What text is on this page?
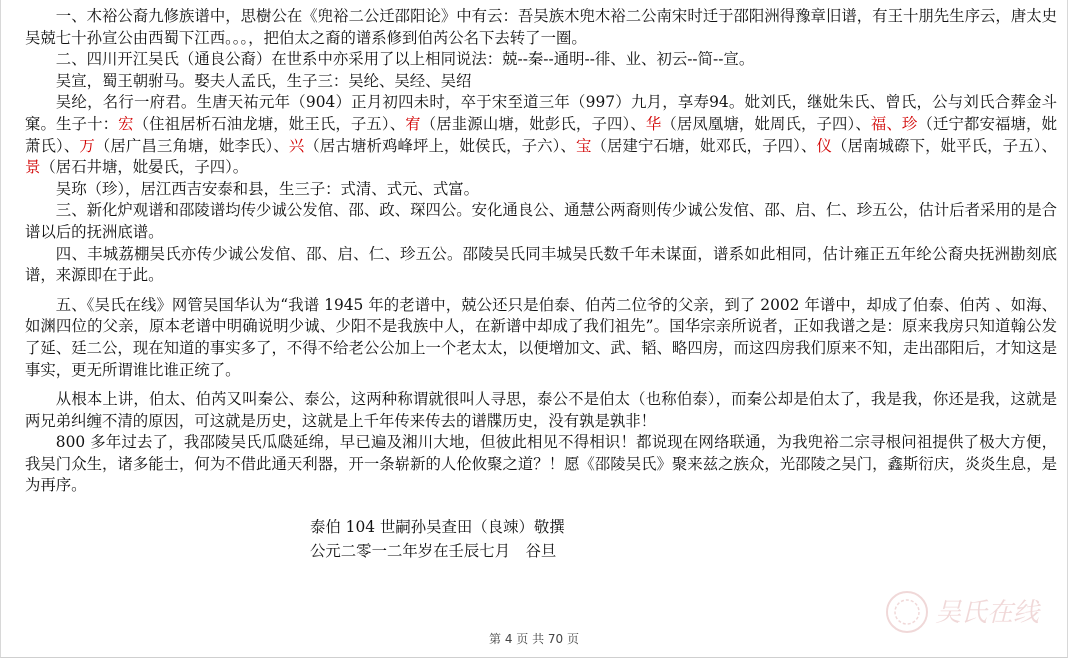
一、木裕公裔九修族谱中，思樹公在《兜裕二公迁邵阳论》中有云：吾吴族木兜木裕二公南宋时迁于邵阳洲得豫章旧谱，有王十朋先生序云，唐太史吴兢七十孙宣公由西蜀下江西。。。，把伯太之裔的谱系修到伯芮公名下去转了一圈。

二、四川开江吴氏（通良公裔）在世系中亦采用了以上相同说法：兢--秦--通明--徘、业、初云--简--宣。

吴宣，蜀王朝驸马。娶夫人孟氏，生子三：吴纶、吴经、吴绍

吴纶，名行一府君。生唐天祐元年（904）正月初四未时，卒于宋至道三年（997）九月，享寿94。妣刘氏，继妣朱氏、曾氏，公与刘氏合葬金斗窠。生子十：宏（住祖居析石油龙塘，妣王氏，子五）、宥（居韭源山塘，妣彭氏，子四）、华（居凤凰塘，妣周氏，子四）、福、珍（迁宁都安福塘，妣萧氏）、万（居广昌三角塘，妣李氏）、兴（居古塘析鸡峰坪上，妣侯氏，子六）、宝（居建宁石塘，妣邓氏，子四）、仪（居南城磜下，妣平氏，子五）、景（居石井塘，妣晏氏，子四）。

吴珎（珍），居江西吉安泰和县，生三子：式清、式元、式富。

三、新化炉观谱和邵陵谱均传少诚公发倌、邵、政、琛四公。安化通良公、通慧公两裔则传少诚公发倌、邵、启、仁、珍五公，估计后者采用的是合谱以后的抚洲底谱。

四、丰城荔棚吴氏亦传少诚公发倌、邵、启、仁、珍五公。邵陵吴氏同丰城吴氏数千年未谋面，谱系如此相同，估计雍正五年纶公裔央抚洲勘刻底谱，来源即在于此。

五、《吴氏在线》网管吴国华认为“我谱 1945 年的老谱中，兢公还只是伯泰、伯芮二位爷的父亲，到了 2002 年谱中，却成了伯泰、伯芮 、如海、如渊四位的父亲，原本老谱中明确说明少诚、少阳不是我族中人，在新谱中却成了我们祖先”。国华宗亲所说者，正如我谱之是：原来我房只知道翰公发了延、廷二公，现在知道的事实多了，不得不给老公公加上一个老太太，以便增加文、武、韬、略四房，而这四房我们原来不知，走出邵阳后，才知这是事实，更无所谓谁比谁正统了。

从根本上讲，伯太、伯芮又叫秦公、泰公，这两种称谓就很叫人寻思，泰公不是伯太（也称伯泰），而秦公却是伯太了，我是我，你还是我，这就是两兄弟纠缠不清的原因，可这就是历史，这就是上千年传来传去的谱牒历史，没有孰是孰非！

800 多年过去了，我邵陵吴氏瓜瓞延绵，早已遍及湘川大地，但彼此相见不得相识！都说现在网络联通，为我兜裕二宗寻根问祖提供了极大方便，我吴门众生，诸多能士，何为不借此通天利器，开一条崭新的人伦攸聚之道？！愿《邵陵吴氏》聚来兹之族众，光邵陵之吴门，鑫斯衍庆，炎炎生息，是为再序。

泰伯 104 世嗣孙吴查田（良竦）敬撰

公元二零一二年岁在壬辰七月　谷旦

吴氏在线
第 4 页 共 70 页
